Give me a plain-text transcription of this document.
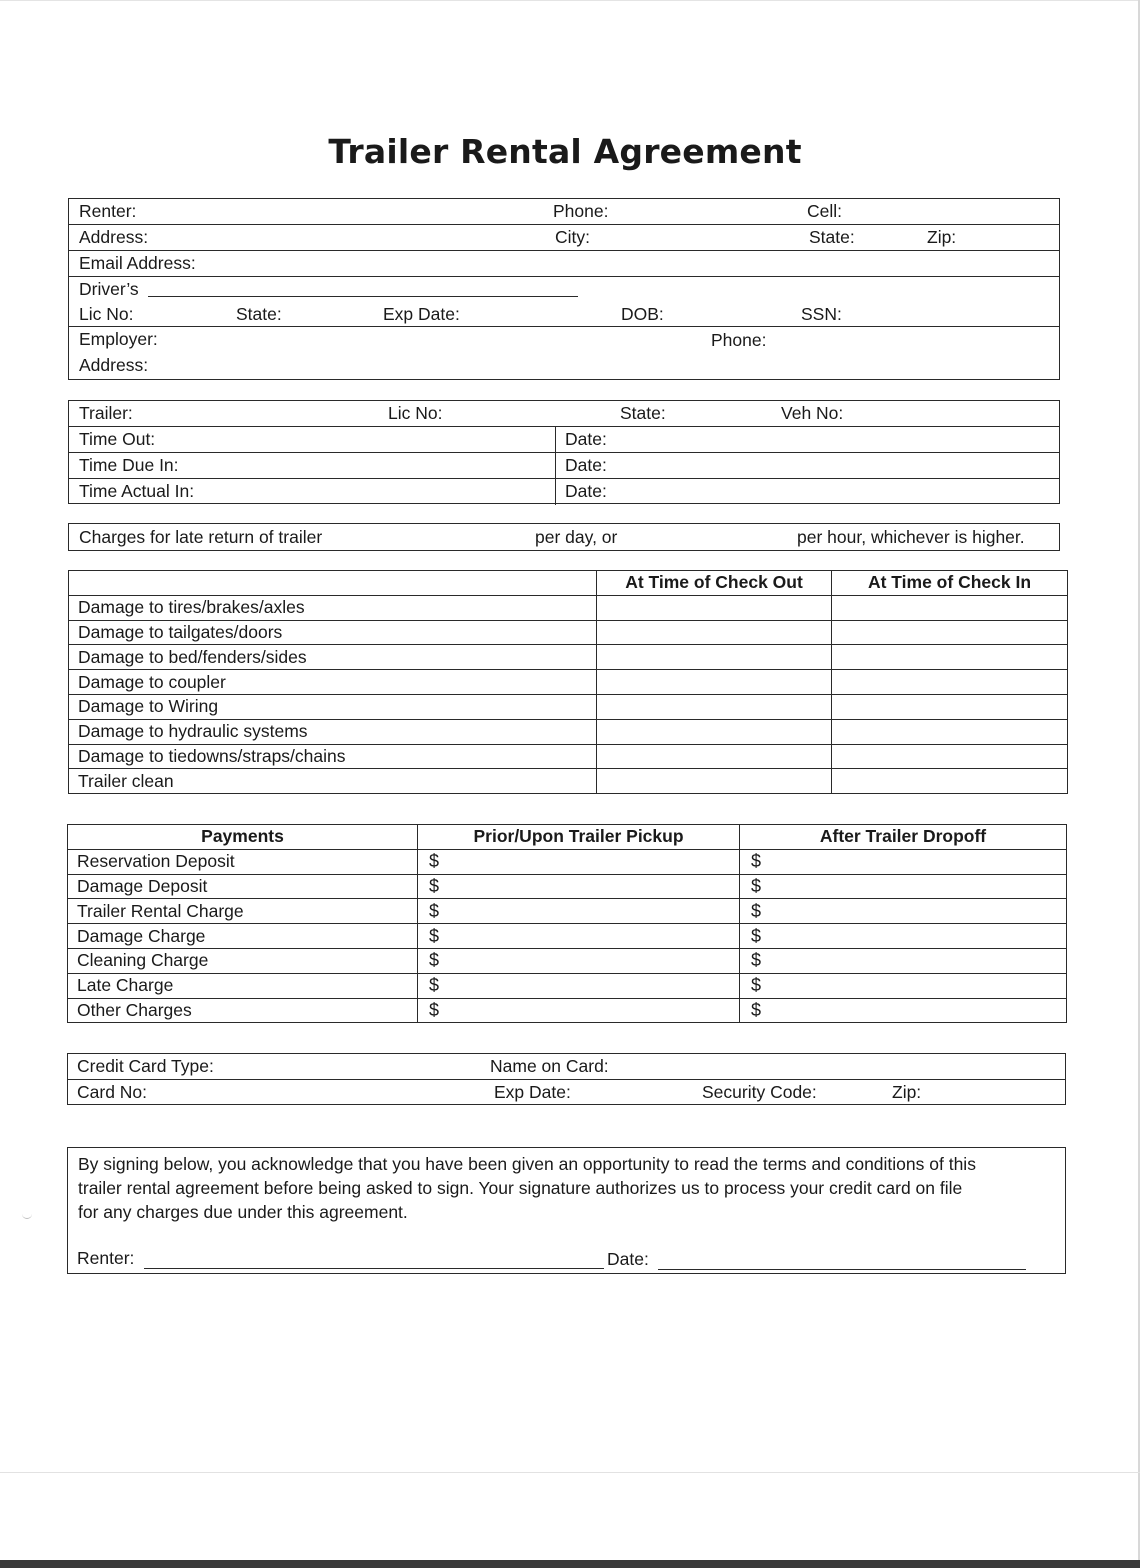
Trailer Rental Agreement
Renter:	Phone:	Cell:
Address:	City:	State:	Zip:
Email Address:
Driver’s
Lic No:	State:	Exp Date:	DOB:	SSN:
Employer:	Phone:
Address:
Trailer:	Lic No:	State:	Veh No:
Time Out:	Date:
Time Due In:	Date:
Time Actual In:	Date:
Charges for late return of trailer	per day, or	per hour, whichever is higher.
	At Time of Check Out	At Time of Check In
Damage to tires/brakes/axles		
Damage to tailgates/doors		
Damage to bed/fenders/sides		
Damage to coupler		
Damage to Wiring		
Damage to hydraulic systems		
Damage to tiedowns/straps/chains		
Trailer clean		
Payments	Prior/Upon Trailer Pickup	After Trailer Dropoff
Reservation Deposit	$	$
Damage Deposit	$	$
Trailer Rental Charge	$	$
Damage Charge	$	$
Cleaning Charge	$	$
Late Charge	$	$
Other Charges	$	$
Credit Card Type:	Name on Card:
Card No:	Exp Date:	Security Code:	Zip:
By signing below, you acknowledge that you have been given an opportunity to read the terms and conditions of this
trailer rental agreement before being asked to sign. Your signature authorizes us to process your credit card on file
for any charges due under this agreement.
Renter:	Date:
